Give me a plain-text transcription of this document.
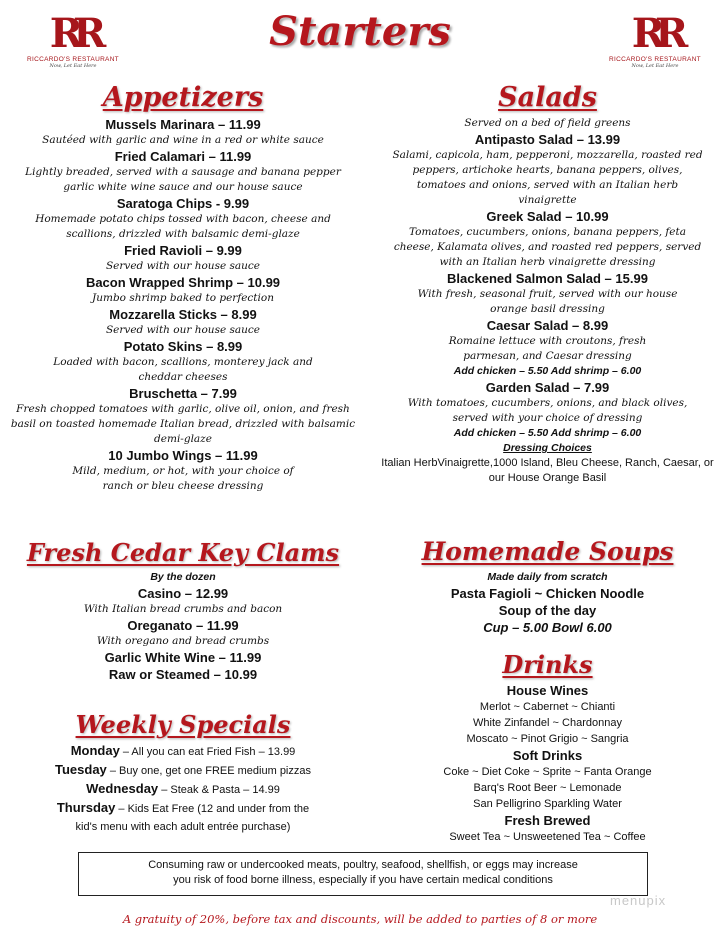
RR
RICCARDO'S RESTAURANT
Now, Let Eat Here
RR
RICCARDO'S RESTAURANT
Now, Let Eat Here
Starters
Appetizers
Mussels Marinara – 11.99
Sautéed with garlic and wine in a red or white sauce
Fried Calamari – 11.99
Lightly breaded, served with a sausage and banana pepper garlic white wine sauce and our house sauce
Saratoga Chips - 9.99
Homemade potato chips tossed with bacon, cheese and scallions, drizzled with balsamic demi-glaze
Fried Ravioli – 9.99
Served with our house sauce
Bacon Wrapped Shrimp – 10.99
Jumbo shrimp baked to perfection
Mozzarella Sticks – 8.99
Served with our house sauce
Potato Skins – 8.99
Loaded with bacon, scallions, monterey jack and cheddar cheeses
Bruschetta – 7.99
Fresh chopped tomatoes with garlic, olive oil, onion, and fresh basil on toasted homemade Italian bread, drizzled with balsamic demi-glaze
10 Jumbo Wings – 11.99
Mild, medium, or hot, with your choice of ranch or bleu cheese dressing
Salads
Served on a bed of field greens
Antipasto Salad – 13.99
Salami, capicola, ham, pepperoni, mozzarella, roasted red peppers, artichoke hearts, banana peppers, olives, tomatoes and onions, served with an Italian herb vinaigrette
Greek Salad – 10.99
Tomatoes, cucumbers, onions, banana peppers, feta cheese, Kalamata olives, and roasted red peppers, served with an Italian herb vinaigrette dressing
Blackened Salmon Salad – 15.99
With fresh, seasonal fruit, served with our house orange basil dressing
Caesar Salad – 8.99
Romaine lettuce with croutons, fresh parmesan, and Caesar dressing
Add chicken – 5.50 Add shrimp – 6.00
Garden Salad – 7.99
With tomatoes, cucumbers, onions, and black olives, served with your choice of dressing
Add chicken – 5.50 Add shrimp – 6.00
Dressing Choices
Italian HerbVinaigrette,1000 Island, Bleu Cheese, Ranch, Caesar, or our House Orange Basil
Fresh Cedar Key Clams
By the dozen
Casino – 12.99
With Italian bread crumbs and bacon
Oreganato – 11.99
With oregano and bread crumbs
Garlic White Wine – 11.99
Raw or Steamed – 10.99
Weekly Specials
Monday – All you can eat Fried Fish – 13.99
Tuesday – Buy one, get one FREE medium pizzas
Wednesday – Steak & Pasta – 14.99
Thursday – Kids Eat Free (12 and under from the
kid's menu with each adult entrée purchase)
Homemade Soups
Made daily from scratch
Pasta Fagioli ~ Chicken Noodle
Soup of the day
Cup – 5.00 Bowl 6.00
Drinks
House Wines
Merlot ~ Cabernet ~ Chianti
White Zinfandel ~ Chardonnay
Moscato ~ Pinot Grigio ~ Sangria
Soft Drinks
Coke ~ Diet Coke ~ Sprite ~ Fanta Orange
Barq's Root Beer ~ Lemonade
San Pelligrino Sparkling Water
Fresh Brewed
Sweet Tea ~ Unsweetened Tea ~ Coffee
Consuming raw or undercooked meats, poultry, seafood, shellfish, or eggs may increase
you risk of food borne illness, especially if you have certain medical conditions
menupix
A gratuity of 20%, before tax and discounts, will be added to parties of 8 or more
